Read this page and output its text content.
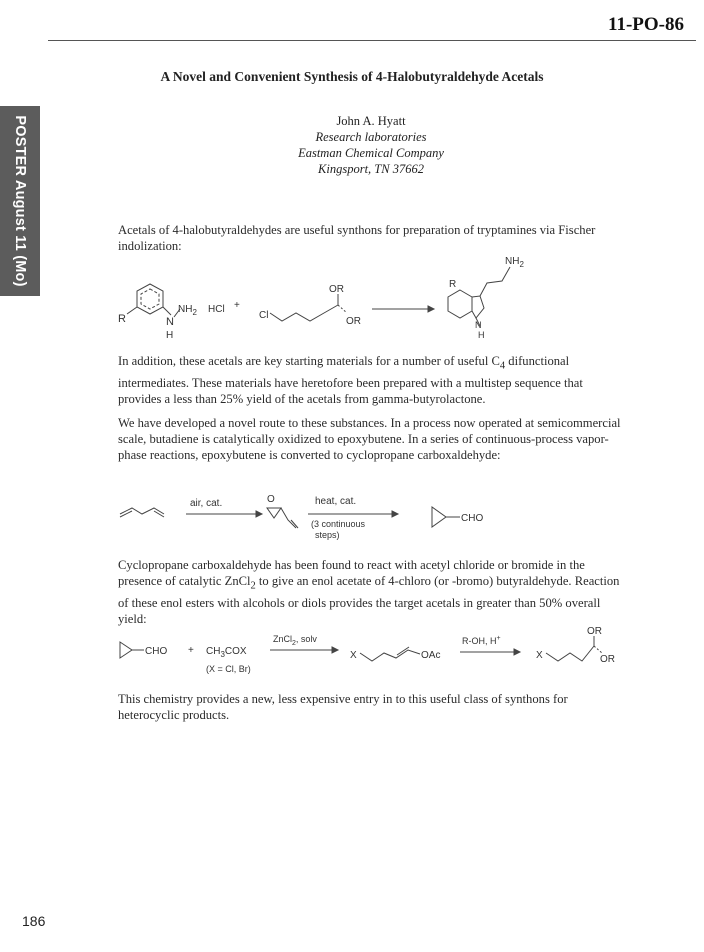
11-PO-86
POSTER August 11 (Mo)
A Novel and Convenient Synthesis of 4-Halobutyraldehyde Acetals
John A. Hyatt
Research laboratories
Eastman Chemical Company
Kingsport, TN 37662

Acetals of 4-halobutyraldehydes are useful synthons for preparation of tryptamines via Fischer indolization:

R	N
$NH_2$
H
HCl +
Cl
OR
OR
$NH_2$
R
H
N

In addition, these acetals are key starting materials for a number of useful $C_4$ difunctional intermediates. These materials have heretofore been prepared with a multistep sequence that provides a less than 25% yield of the acetals from gamma-butyrolactone.

We have developed a novel route to these substances. In a process now operated at semicommercial scale, butadiene is catalytically oxidized to epoxybutene. In a series of continuous-process vapor-phase reactions, epoxybutene is converted to cyclopropane carboxaldehyde:

air, cat.	O	heat, cat.
(3 continuous
steps)
CHO

Cyclopropane carboxaldehyde has been found to react with acetyl chloride or bromide in the presence of catalytic ZnCl$_2$ to give an enol acetate of 4-chloro (or -bromo) butyraldehyde. Reaction of these enol esters with alcohols or diols provides the target acetals in greater than 50% overall yield:

CHO + $CH_3COX$
(X = Cl, Br)
ZnCl$_2$, solv
X	OAc
R-OH, H+
X
OR
OR

This chemistry provides a new, less expensive entry in to this useful class of synthons for heterocyclic products.

186
